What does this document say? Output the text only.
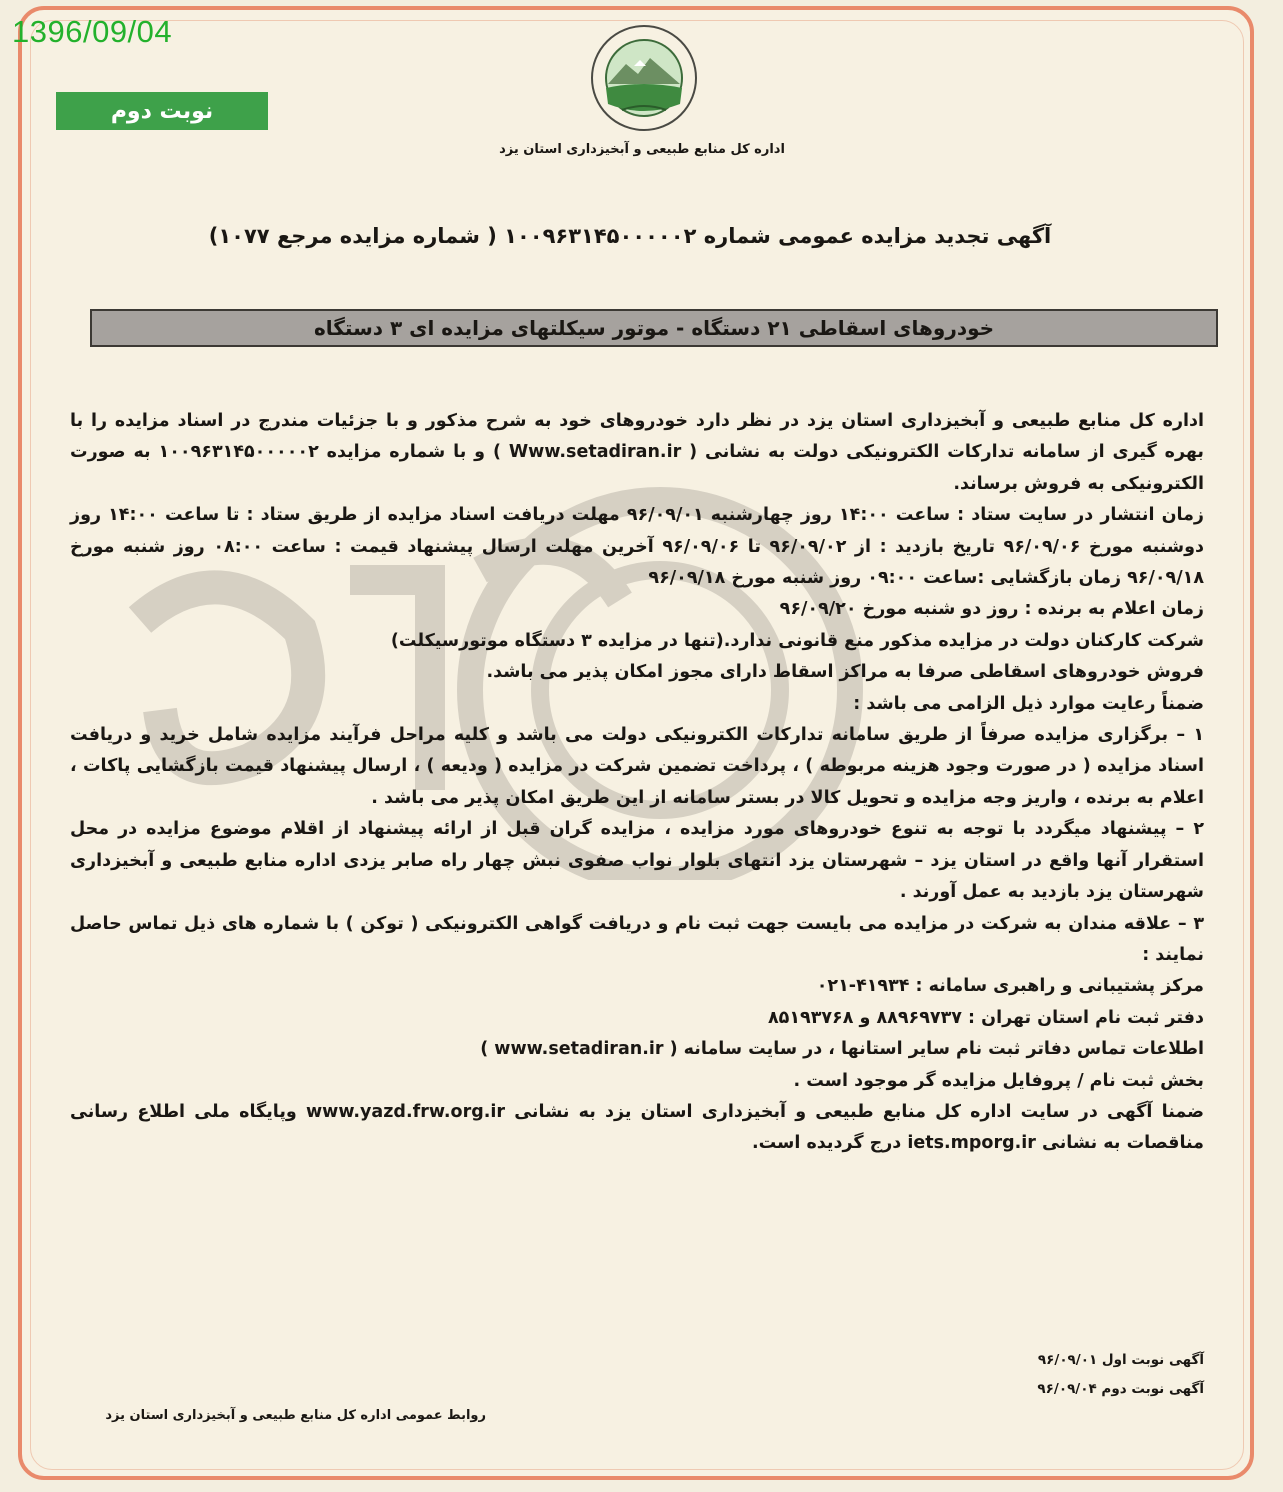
1396/09/04
نوبت دوم
اداره کل منابع طبیعی و آبخیزداری استان یزد
آگهی تجدید مزایده عمومی شماره ۱۰۰۹۶۳۱۴۵۰۰۰۰۰۲ ( شماره مزایده مرجع ۱۰۷۷)
خودروهای اسقاطی ۲۱ دستگاه - موتور سیکلتهای مزایده ای ۳ دستگاه

اداره کل منابع طبیعی و آبخیزداری استان یزد در نظر دارد خودروهای خود به شرح مذکور و با جزئیات مندرج در اسناد مزایده را با بهره گیری از سامانه تدارکات الکترونیکی دولت به نشانی ( Www.setadiran.ir ) و با شماره مزایده ۱۰۰۹۶۳۱۴۵۰۰۰۰۰۲ به صورت الکترونیکی به فروش برساند.

زمان انتشار در سایت ستاد : ساعت ۱۴:۰۰ روز چهارشنبه ۹۶/۰۹/۰۱ مهلت دریافت اسناد مزایده از طریق ستاد : تا ساعت ۱۴:۰۰ روز دوشنبه مورخ ۹۶/۰۹/۰۶ تاریخ بازدید : از ۹۶/۰۹/۰۲ تا ۹۶/۰۹/۰۶ آخرین مهلت ارسال پیشنهاد قیمت : ساعت ۰۸:۰۰ روز شنبه مورخ ۹۶/۰۹/۱۸ زمان بازگشایی :ساعت ۰۹:۰۰ روز شنبه مورخ ۹۶/۰۹/۱۸

زمان اعلام به برنده : روز دو شنبه مورخ ۹۶/۰۹/۲۰

شرکت کارکنان دولت در مزایده مذکور منع قانونی ندارد.(تنها در مزایده ۳ دستگاه موتورسیکلت)

فروش خودروهای اسقاطی صرفا به مراکز اسقاط دارای مجوز امکان پذیر می باشد.

ضمناً رعایت موارد ذیل الزامی می باشد :

۱ – برگزاری مزایده صرفاً از طریق سامانه تدارکات الکترونیکی دولت می باشد و کلیه مراحل فرآیند مزایده شامل خرید و دریافت اسناد مزایده ( در صورت وجود هزینه مربوطه ) ، پرداخت تضمین شرکت در مزایده ( ودیعه ) ، ارسال پیشنهاد قیمت بازگشایی پاکات ، اعلام به برنده ، واریز وجه مزایده و تحویل کالا در بستر سامانه از این طریق امکان پذیر می باشد .

۲ – پیشنهاد میگردد با توجه به تنوع خودروهای مورد مزایده ، مزایده گران قبل از ارائه پیشنهاد از اقلام موضوع مزایده در محل استقرار آنها واقع در استان یزد – شهرستان یزد انتهای بلوار نواب صفوی نبش چهار راه صابر یزدی اداره منابع طبیعی و آبخیزداری شهرستان یزد بازدید به عمل آورند .

۳ – علاقه مندان به شرکت در مزایده می بایست جهت ثبت نام و دریافت گواهی الکترونیکی ( توکن ) با شماره های ذیل تماس حاصل نمایند :

مرکز پشتیبانی و راهبری سامانه : ۴۱۹۳۴-۰۲۱

دفتر ثبت نام استان تهران : ۸۸۹۶۹۷۳۷ و ۸۵۱۹۳۷۶۸

اطلاعات تماس دفاتر ثبت نام سایر استانها ، در سایت سامانه ( www.setadiran.ir )

بخش ثبت نام / پروفایل مزایده گر موجود است .

ضمنا آگهی در سایت اداره کل منابع طبیعی و آبخیزداری استان یزد به نشانی www.yazd.frw.org.ir وپایگاه ملی اطلاع رسانی مناقصات به نشانی iets.mporg.ir درج گردیده است.

آگهی نوبت اول ۹۶/۰۹/۰۱
آگهی نوبت دوم ۹۶/۰۹/۰۴
روابط عمومی اداره کل منابع طبیعی و آبخیزداری استان یزد
